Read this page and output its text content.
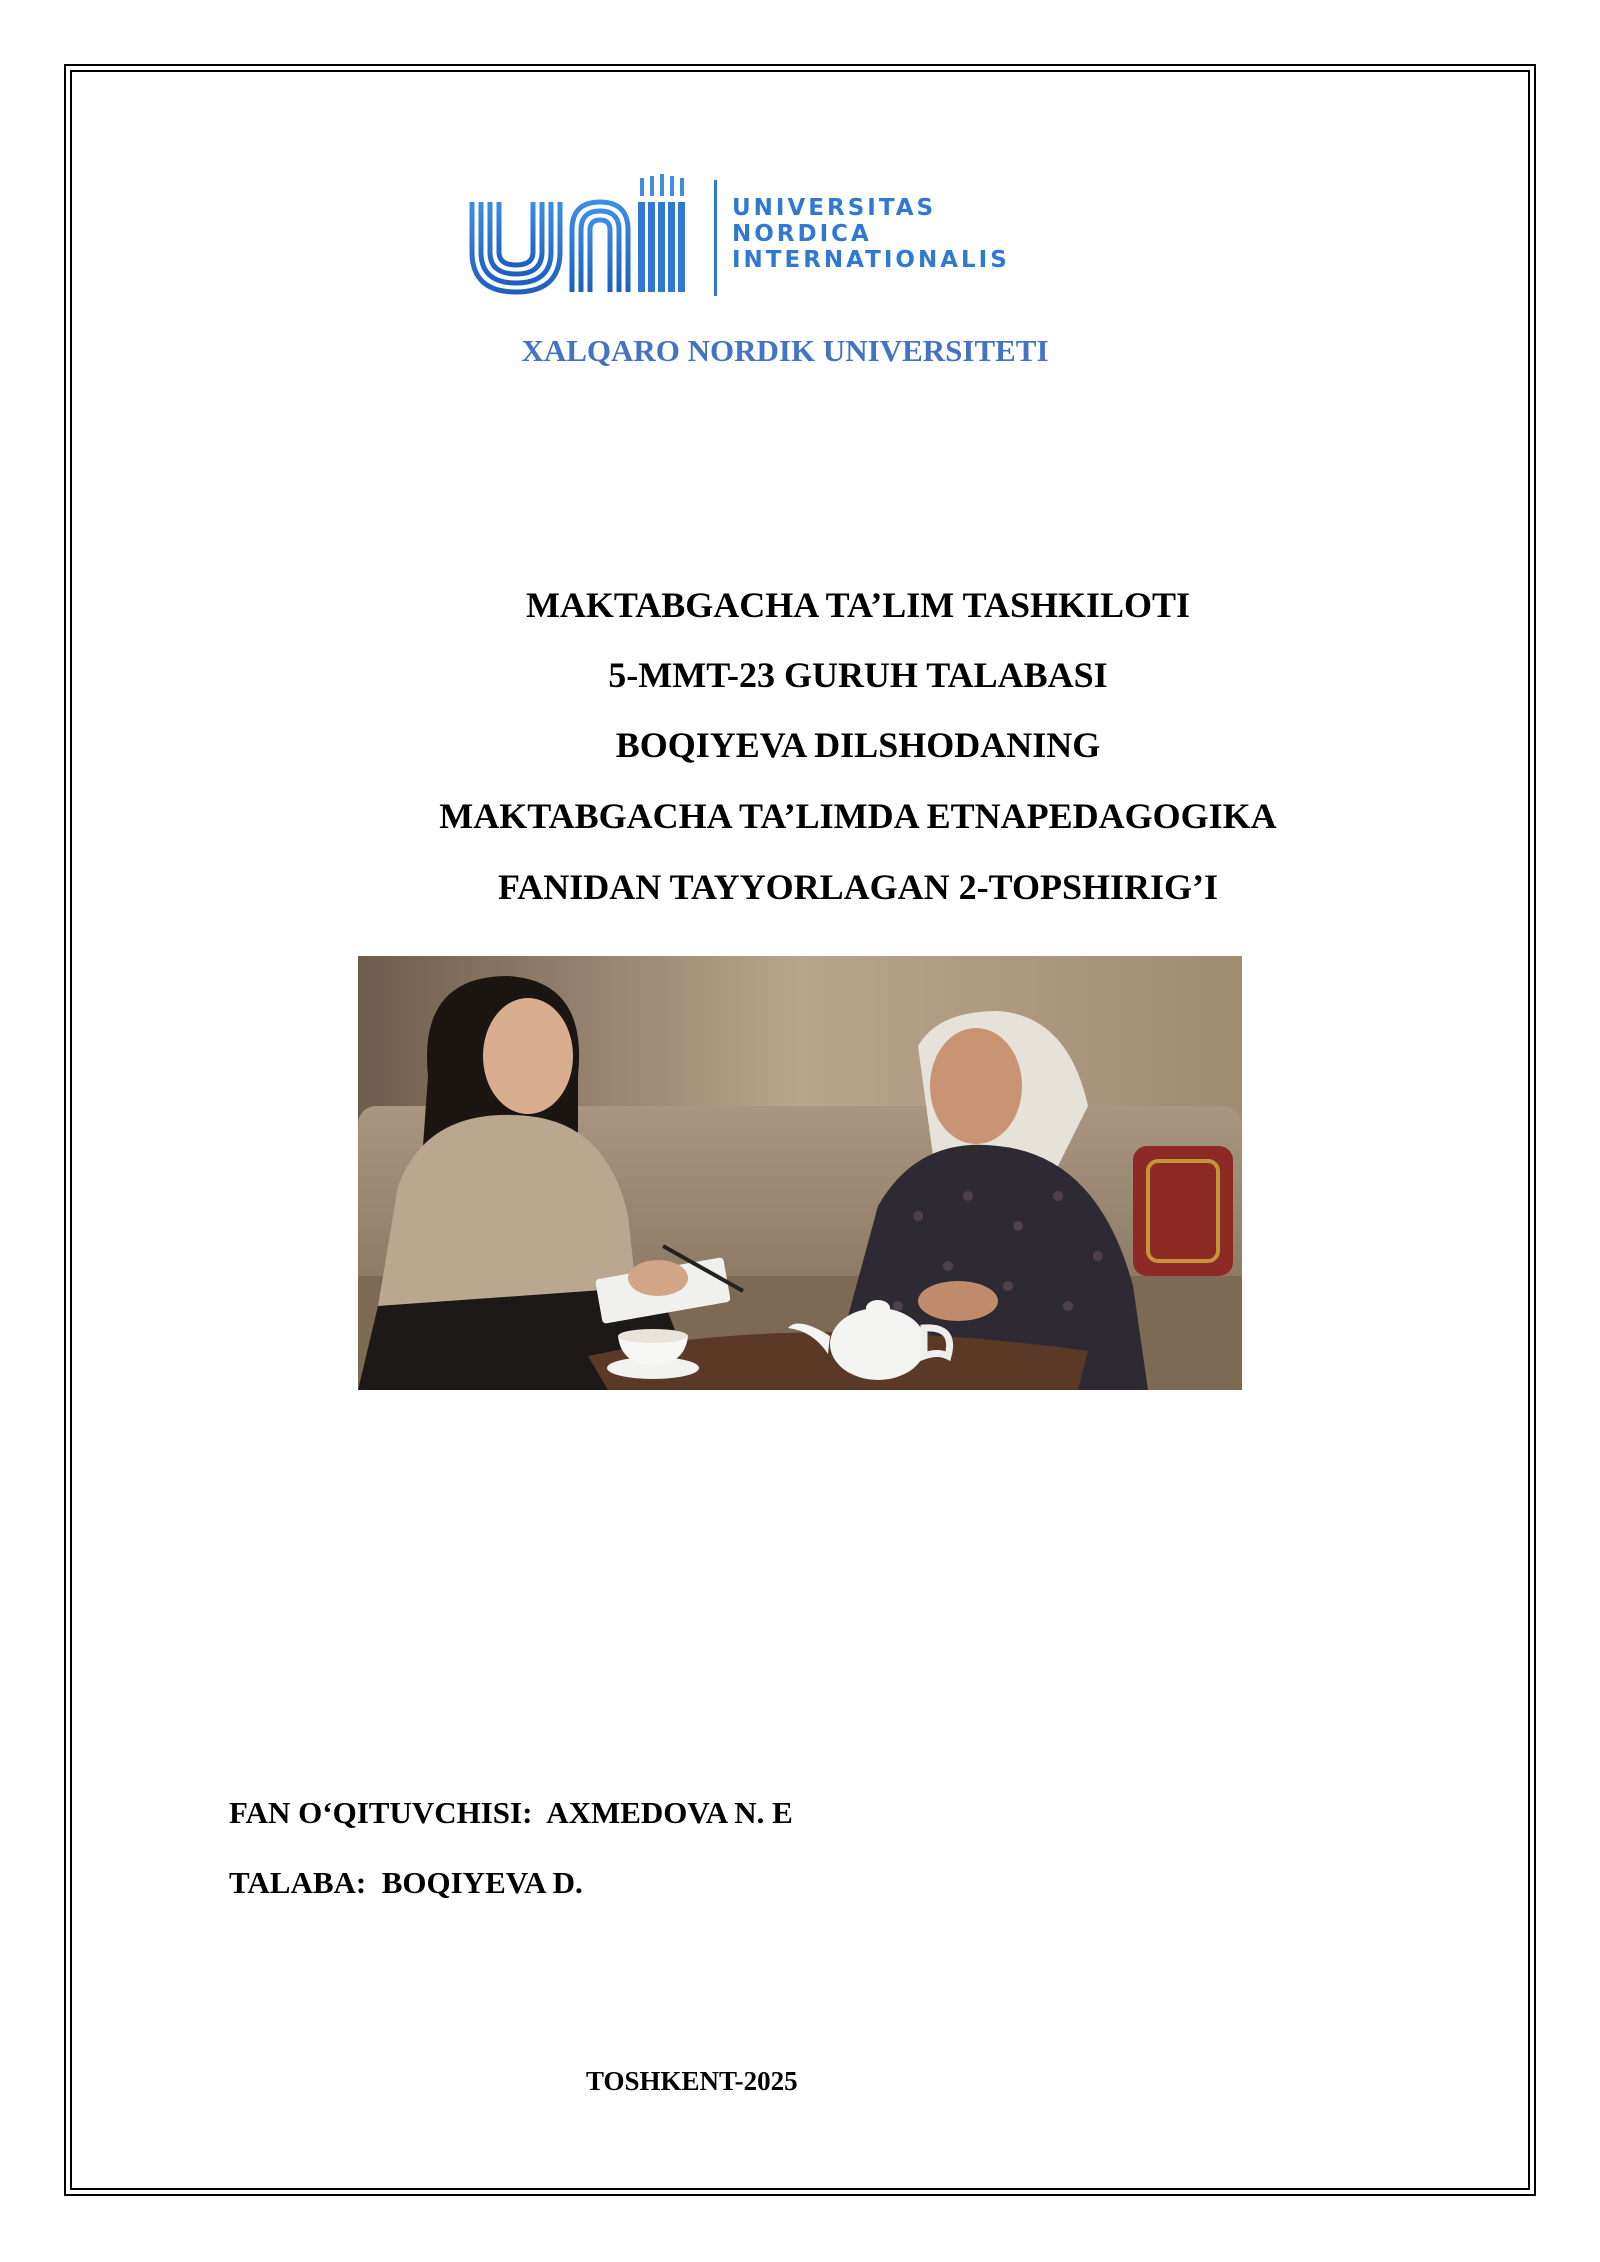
UNIVERSITAS
NORDICA
INTERNATIONALIS
XALQARO NORDIK UNIVERSITETI
MAKTABGACHA TA’LIM TASHKILOTI
5-MMT-23 GURUH TALABASI
BOQIYEVA DILSHODANING
MAKTABGACHA TA’LIMDA ETNAPEDAGOGIKA
FANIDAN TAYYORLAGAN 2-TOPSHIRIG’I
FAN O‘QITUVCHISI:  AXMEDOVA N. E
TALABA:  BOQIYEVA D.
TOSHKENT-2025
